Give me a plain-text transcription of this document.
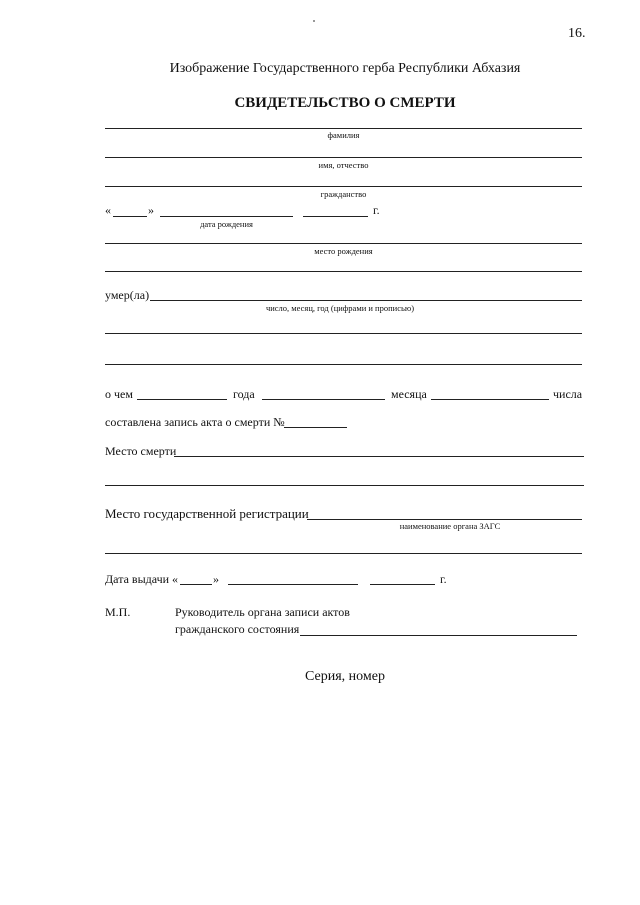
16.
Изображение Государственного герба Республики Абхазия
СВИДЕТЕЛЬСТВО О СМЕРТИ
фамилия
имя, отчество
гражданство
«	»	г.
дата рождения
место рождения
умер(ла)
число, месяц, год (цифрами и прописью)
о чем	года	месяца	числа
составлена запись акта о смерти №
Место смерти
Место государственной регистрации
наименование органа ЗАГС
Дата выдачи «	»	г.
М.П.	Руководитель органа записи актов
гражданского состояния
Серия, номер
